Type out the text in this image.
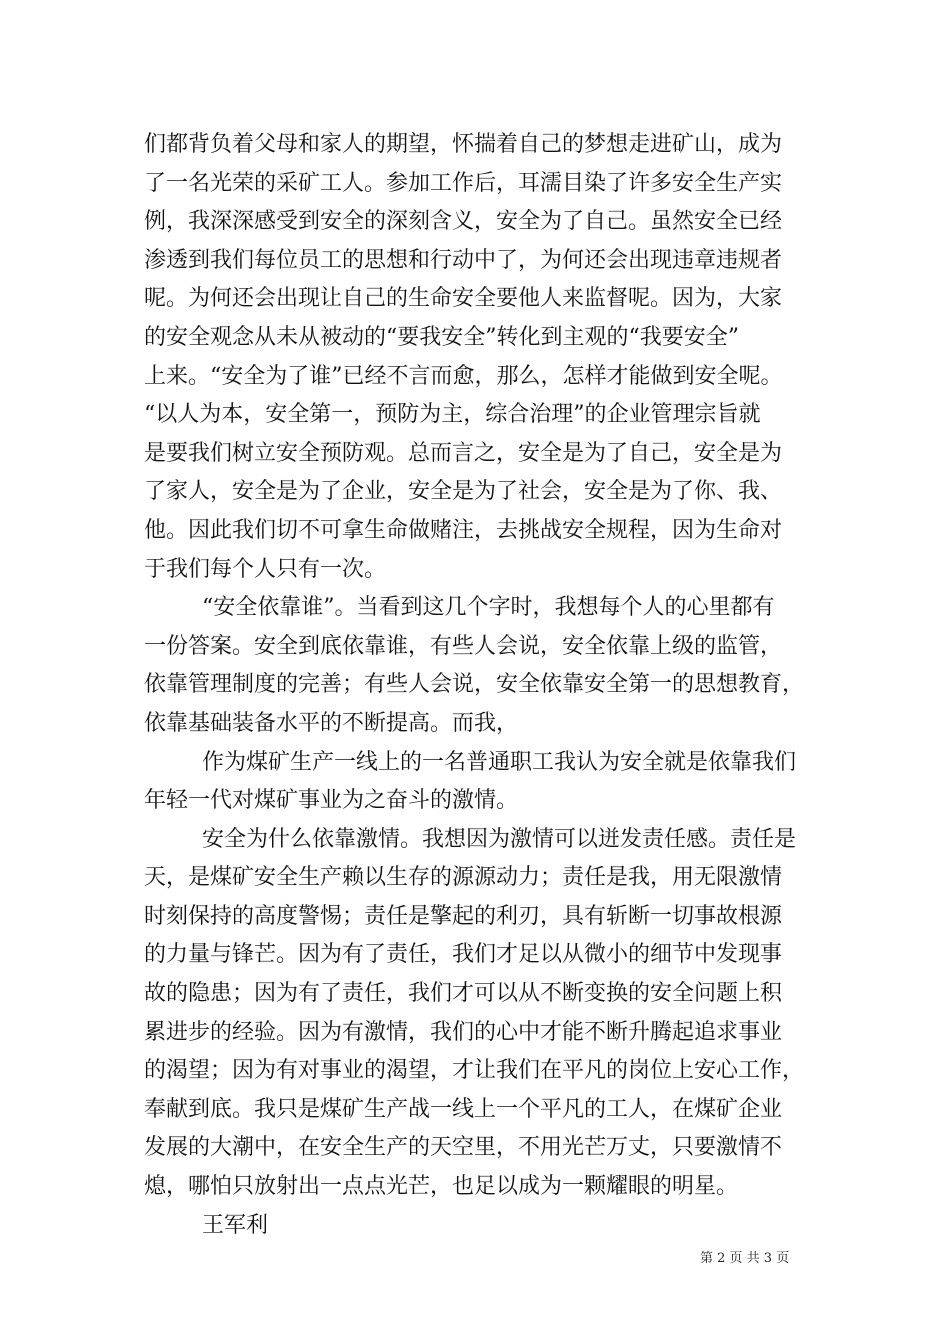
们都背负着父母和家人的期望，怀揣着自己的梦想走进矿山，成为
了一名光荣的采矿工人。参加工作后，耳濡目染了许多安全生产实
例，我深深感受到安全的深刻含义，安全为了自己。虽然安全已经
渗透到我们每位员工的思想和行动中了，为何还会出现违章违规者
呢。为何还会出现让自己的生命安全要他人来监督呢。因为，大家
的安全观念从未从被动的“要我安全”转化到主观的“我要安全”
上来。“安全为了谁”已经不言而愈，那么，怎样才能做到安全呢。
“以人为本，安全第一，预防为主，综合治理”的企业管理宗旨就
是要我们树立安全预防观。总而言之，安全是为了自己，安全是为
了家人，安全是为了企业，安全是为了社会，安全是为了你、我、
他。因此我们切不可拿生命做赌注，去挑战安全规程，因为生命对
于我们每个人只有一次。
“安全依靠谁”。当看到这几个字时，我想每个人的心里都有
一份答案。安全到底依靠谁，有些人会说，安全依靠上级的监管，
依靠管理制度的完善；有些人会说，安全依靠安全第一的思想教育，
依靠基础装备水平的不断提高。而我，
作为煤矿生产一线上的一名普通职工我认为安全就是依靠我们
年轻一代对煤矿事业为之奋斗的激情。
安全为什么依靠激情。我想因为激情可以迸发责任感。责任是
天，是煤矿安全生产赖以生存的源源动力；责任是我，用无限激情
时刻保持的高度警惕；责任是擎起的利刃，具有斩断一切事故根源
的力量与锋芒。因为有了责任，我们才足以从微小的细节中发现事
故的隐患；因为有了责任，我们才可以从不断变换的安全问题上积
累进步的经验。因为有激情，我们的心中才能不断升腾起追求事业
的渴望；因为有对事业的渴望，才让我们在平凡的岗位上安心工作，
奉献到底。我只是煤矿生产战一线上一个平凡的工人，在煤矿企业
发展的大潮中，在安全生产的天空里，不用光芒万丈，只要激情不
熄，哪怕只放射出一点点光芒，也足以成为一颗耀眼的明星。
王军利
第 2 页 共 3 页
